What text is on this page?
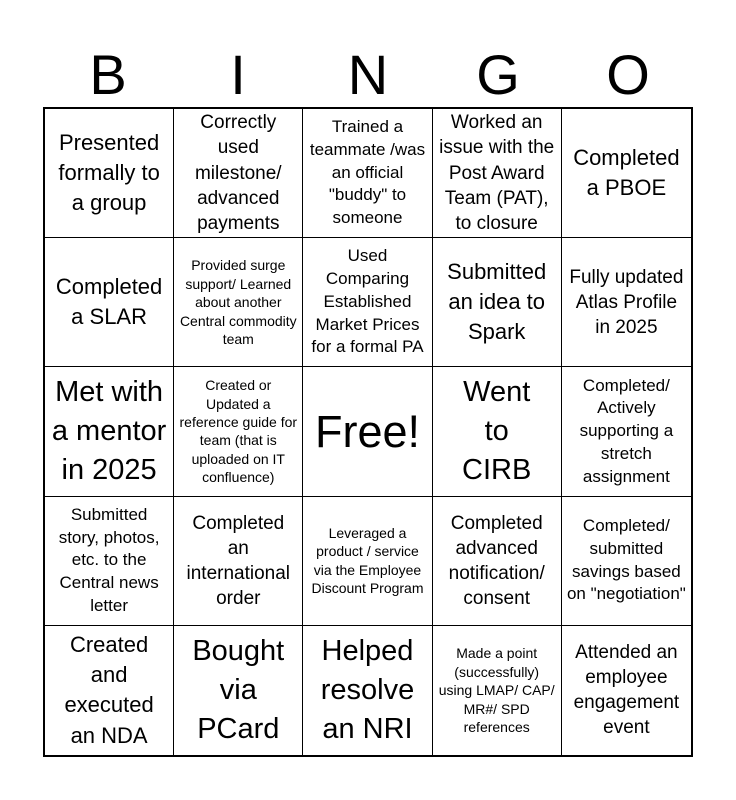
B	I	N	G	O
Presented formally to a group
Correctly used milestone/ advanced payments
Trained a teammate /was an official "buddy" to someone
Worked an issue with the Post Award Team (PAT), to closure
Completed a PBOE
Completed a SLAR
Provided surge support/ Learned about another Central commodity team
Used Comparing Established Market Prices for a formal PA
Submitted an idea to Spark
Fully updated Atlas Profile in 2025
Met with a mentor in 2025
Created or Updated a reference guide for team (that is uploaded on IT confluence)
Free!
Went to CIRB
Completed/ Actively supporting a stretch assignment
Submitted story, photos, etc. to the Central news letter
Completed an international order
Leveraged a product / service via the Employee Discount Program
Completed advanced notification/ consent
Completed/ submitted savings based on "negotiation"
Created and executed an NDA
Bought via PCard
Helped resolve an NRI
Made a point (successfully) using LMAP/ CAP/ MR#/ SPD references
Attended an employee engagement event
